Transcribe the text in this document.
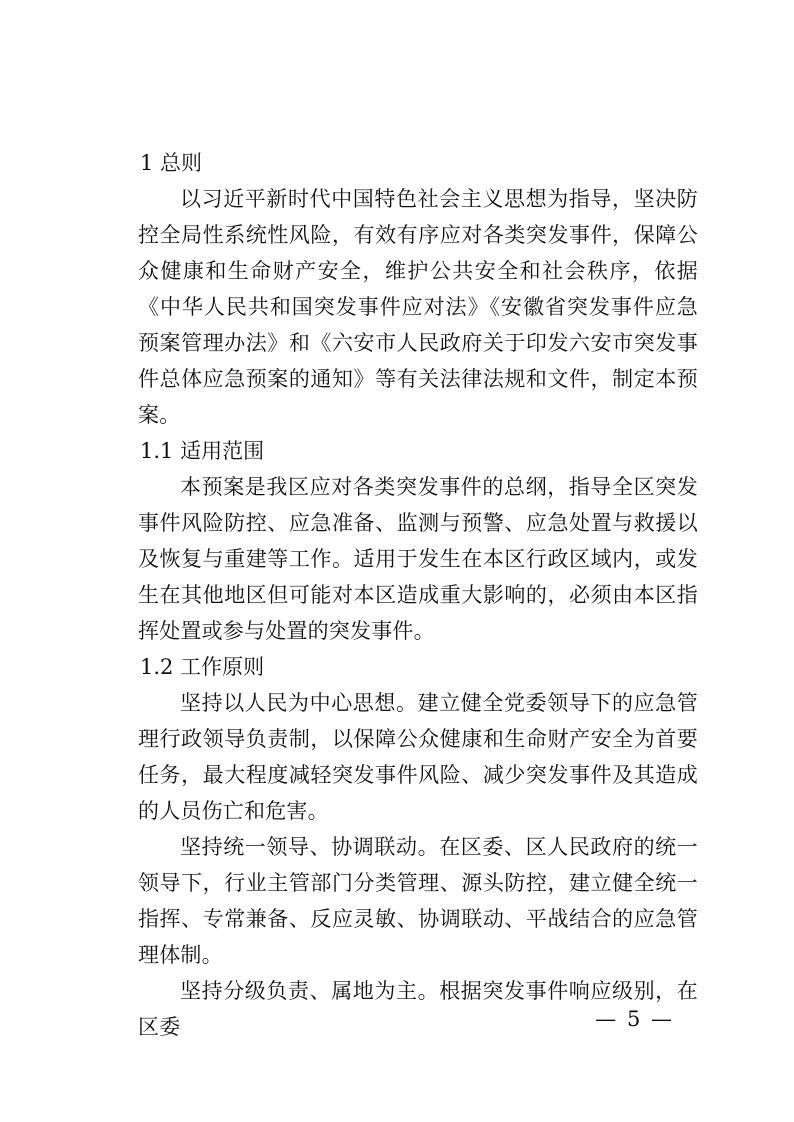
1 总则

以习近平新时代中国特色社会主义思想为指导，坚决防控全局性系统性风险，有效有序应对各类突发事件，保障公众健康和生命财产安全，维护公共安全和社会秩序，依据《中华人民共和国突发事件应对法》《安徽省突发事件应急预案管理办法》和《六安市人民政府关于印发六安市突发事件总体应急预案的通知》等有关法律法规和文件，制定本预案。

1.1 适用范围

本预案是我区应对各类突发事件的总纲，指导全区突发事件风险防控、应急准备、监测与预警、应急处置与救援以及恢复与重建等工作。适用于发生在本区行政区域内，或发生在其他地区但可能对本区造成重大影响的，必须由本区指挥处置或参与处置的突发事件。

1.2 工作原则

坚持以人民为中心思想。建立健全党委领导下的应急管理行政领导负责制，以保障公众健康和生命财产安全为首要任务，最大程度减轻突发事件风险、减少突发事件及其造成的人员伤亡和危害。

坚持统一领导、协调联动。在区委、区人民政府的统一领导下，行业主管部门分类管理、源头防控，建立健全统一指挥、专常兼备、反应灵敏、协调联动、平战结合的应急管理体制。

坚持分级负责、属地为主。根据突发事件响应级别，在区委	— 5 —
